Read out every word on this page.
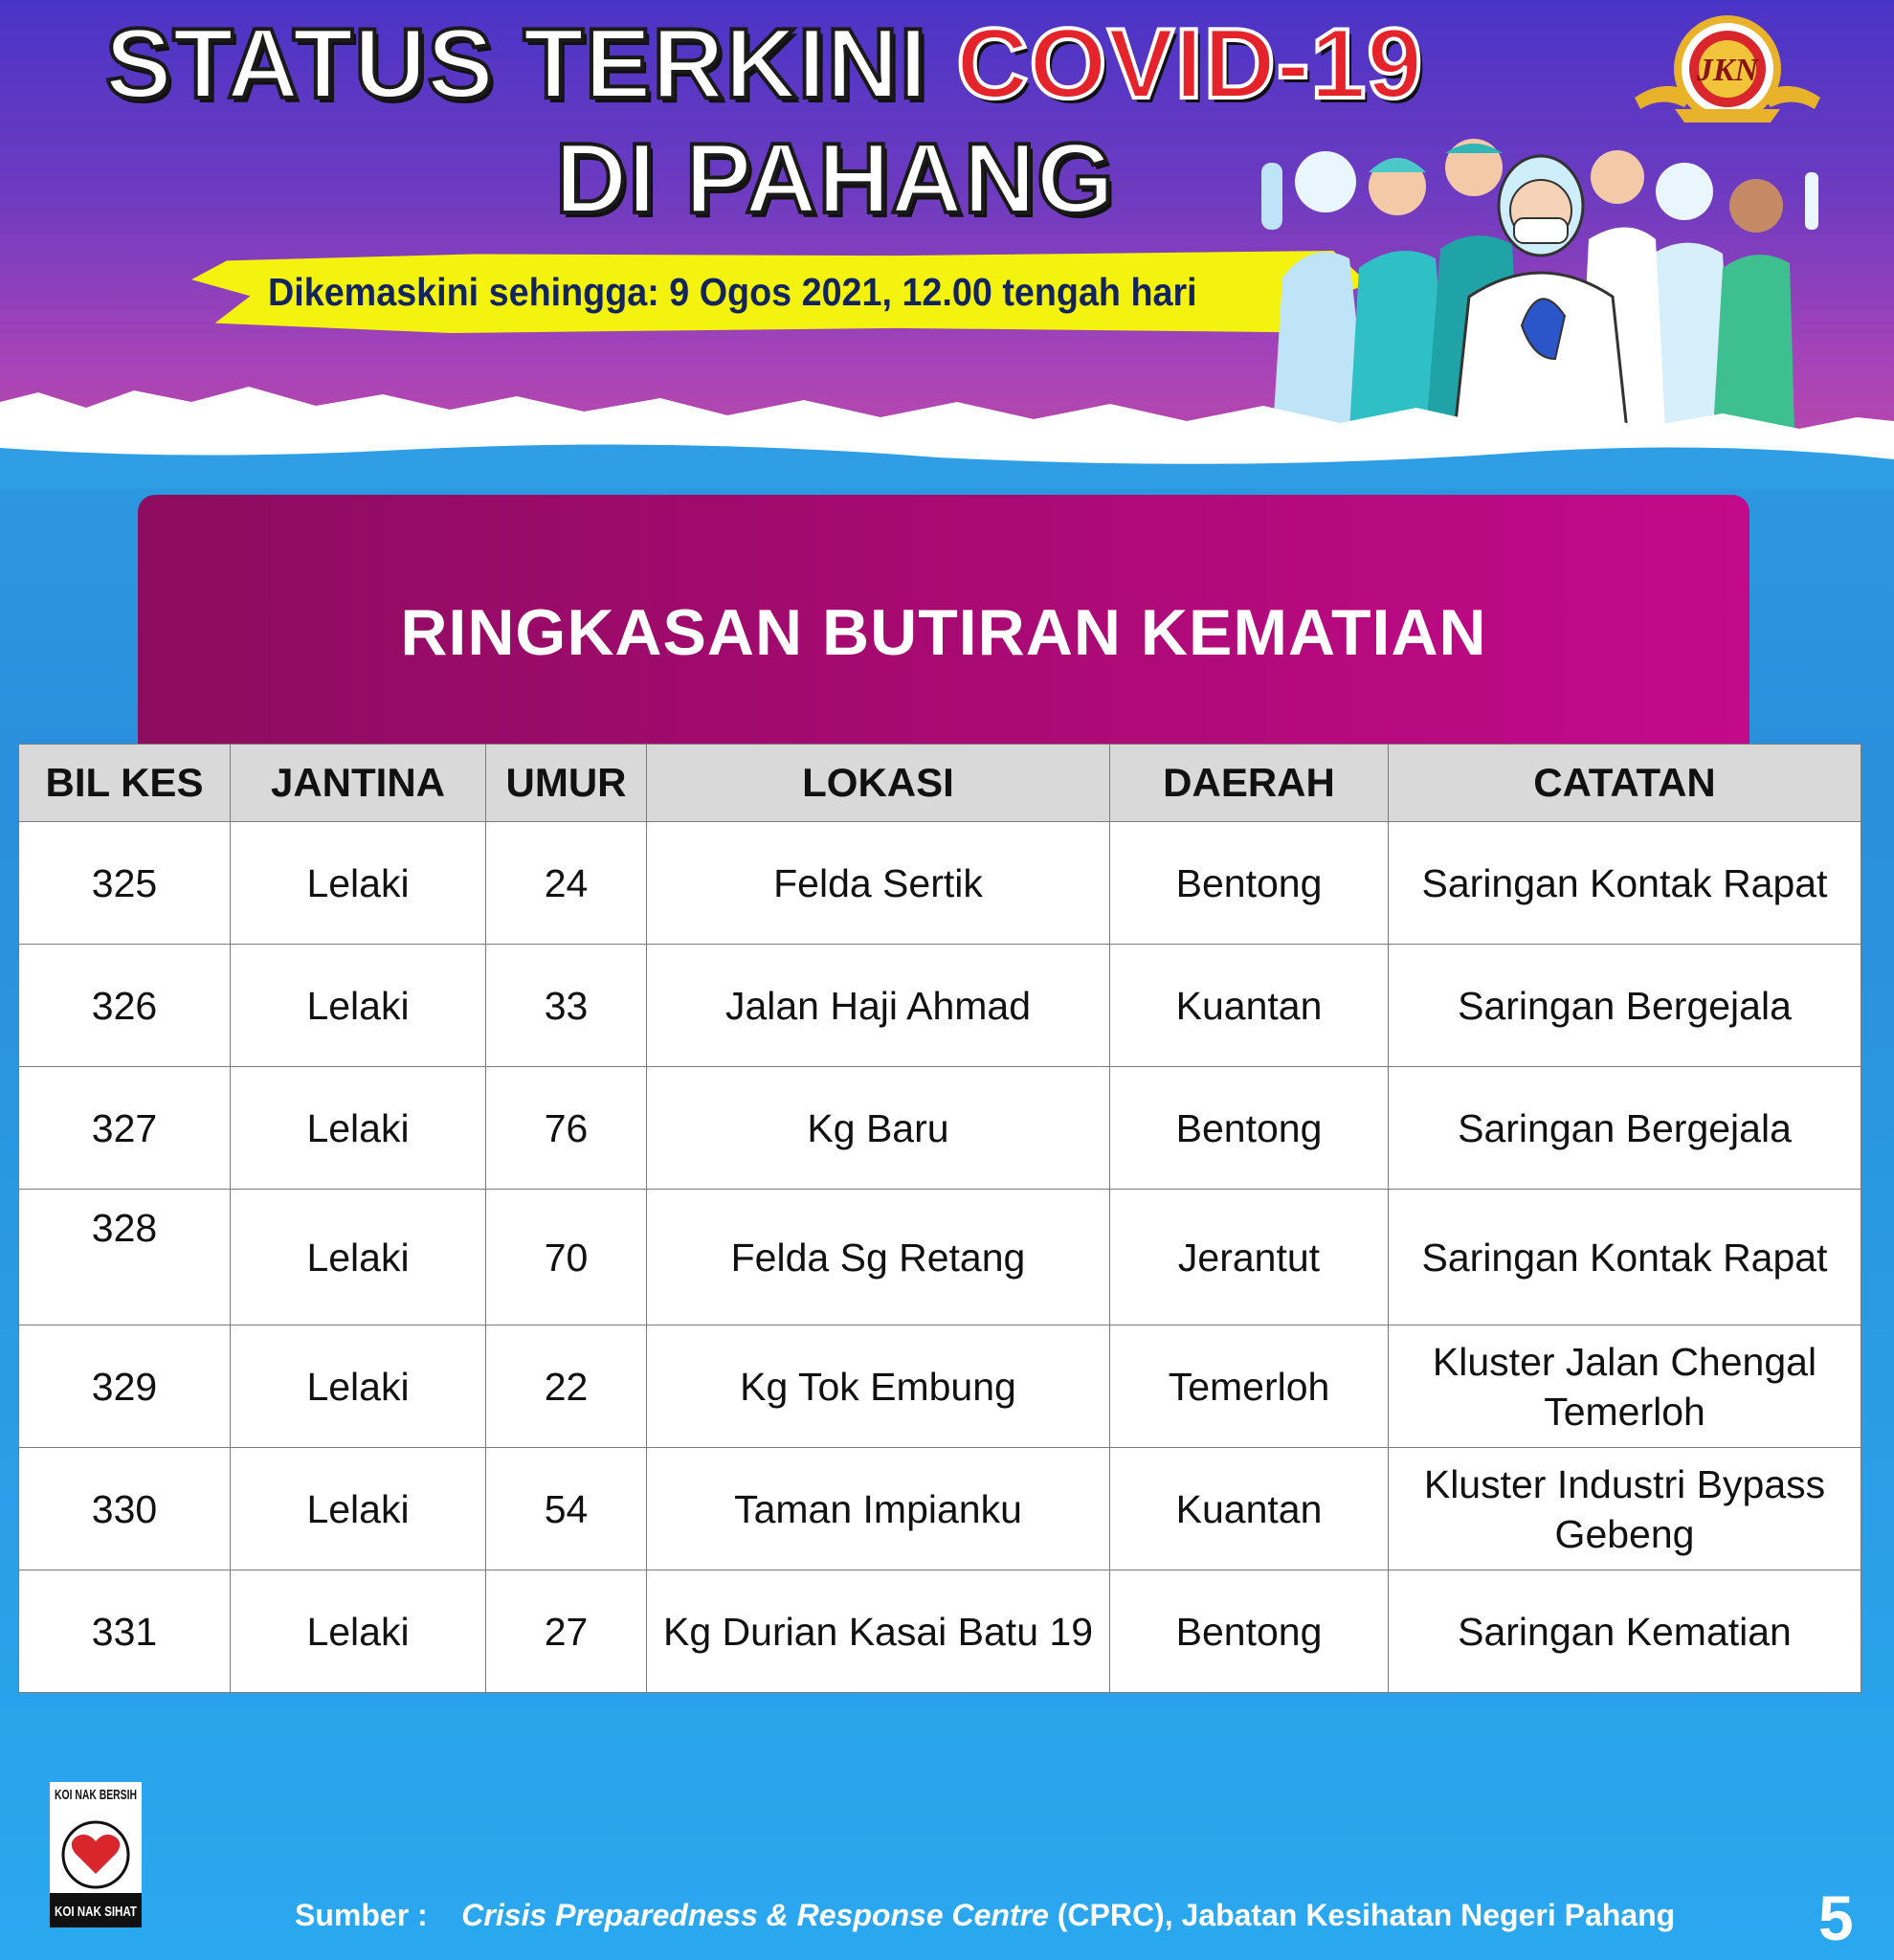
STATUS TERKINI COVID-19
DI PAHANG
Dikemaskini sehingga: 9 Ogos 2021, 12.00 tengah hari
JKN
RINGKASAN BUTIRAN KEMATIAN
BIL KES	JANTINA	UMUR	LOKASI	DAERAH	CATATAN
325	Lelaki	24	Felda Sertik	Bentong	Saringan Kontak Rapat
326	Lelaki	33	Jalan Haji Ahmad	Kuantan	Saringan Bergejala
327	Lelaki	76	Kg Baru	Bentong	Saringan Bergejala
328	Lelaki	70	Felda Sg Retang	Jerantut	Saringan Kontak Rapat
329	Lelaki	22	Kg Tok Embung	Temerloh	Kluster Jalan Chengal Temerloh
330	Lelaki	54	Taman Impianku	Kuantan	Kluster Industri Bypass Gebeng
331	Lelaki	27	Kg Durian Kasai Batu 19	Bentong	Saringan Kematian
KOI NAK BERSIH
KOI NAK SIHAT	Sumber : Crisis Preparedness & Response Centre (CPRC), Jabatan Kesihatan Negeri Pahang 5
